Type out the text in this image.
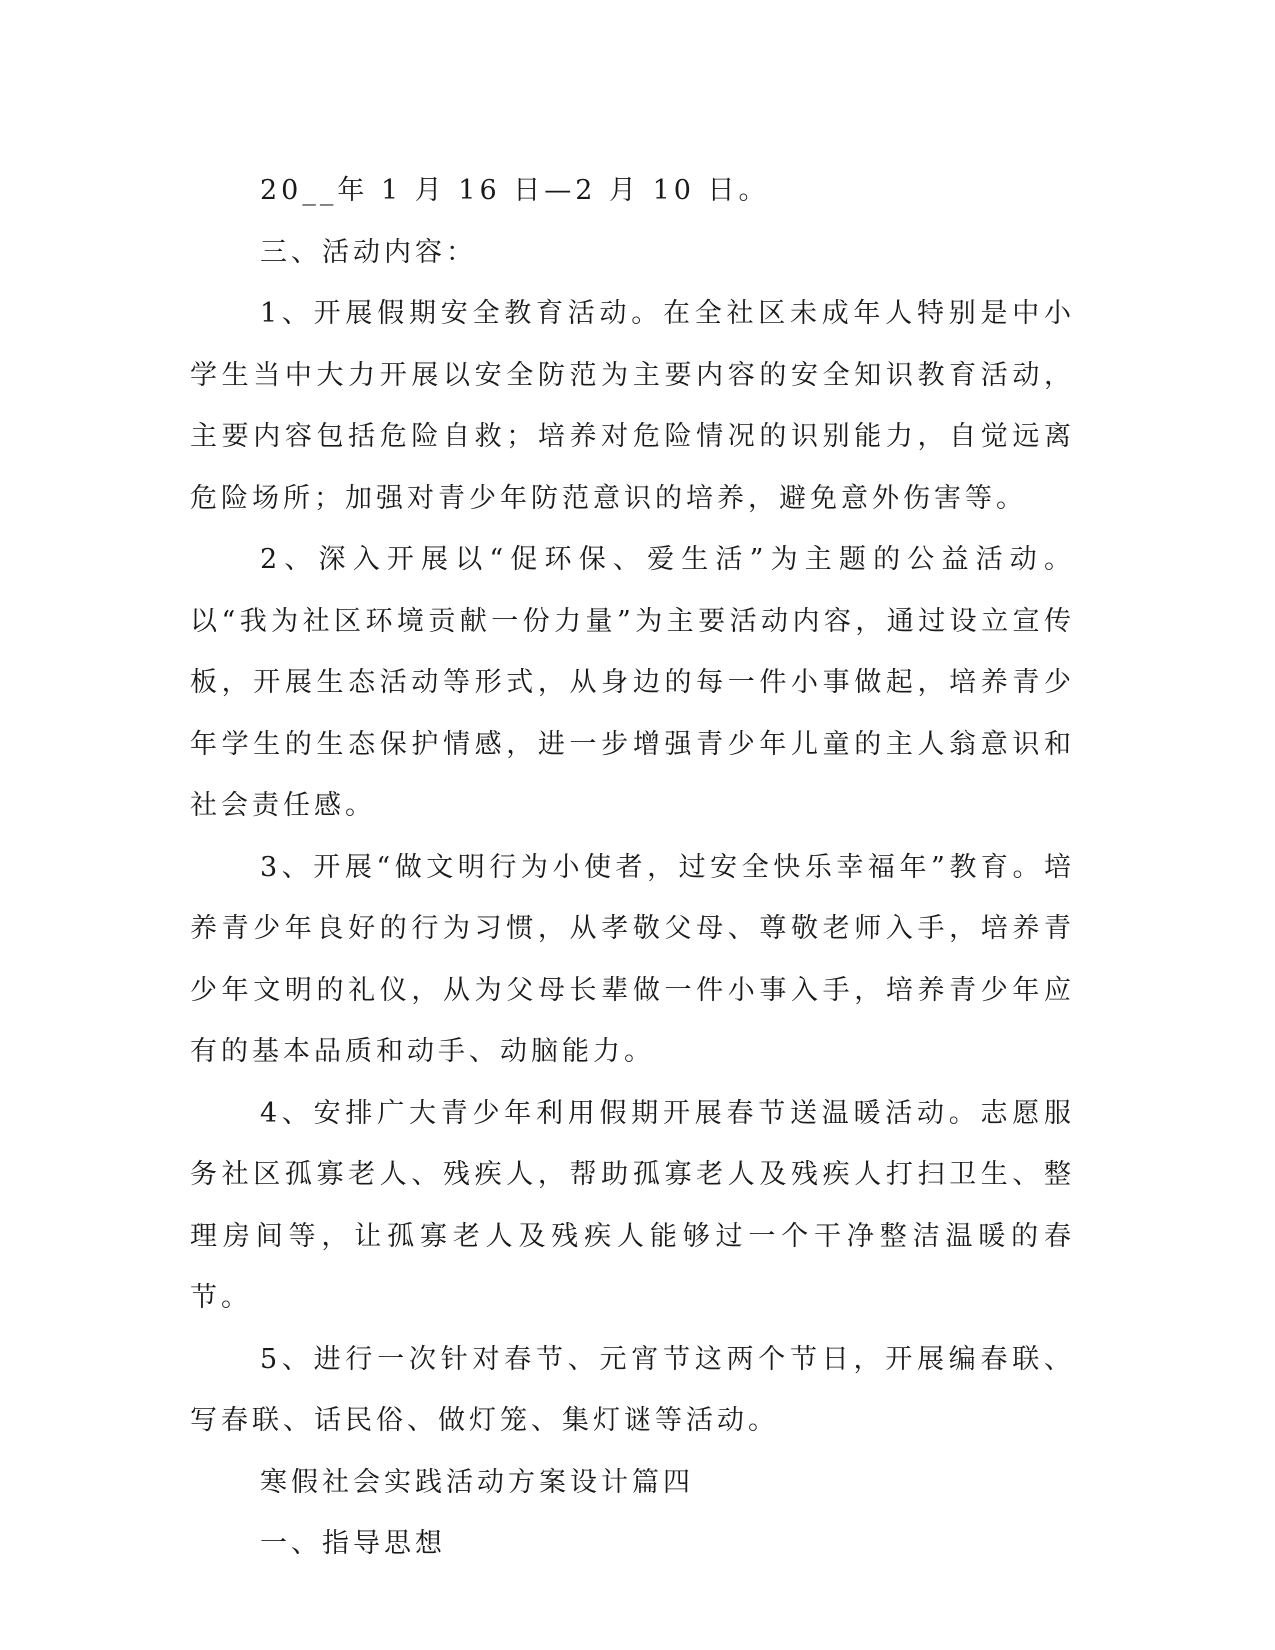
20__年 1 月 16 日—2 月 10 日。

三、活动内容：

1、开展假期安全教育活动。在全社区未成年人特别是中小学生当中大力开展以安全防范为主要内容的安全知识教育活动，主要内容包括危险自救；培养对危险情况的识别能力，自觉远离危险场所；加强对青少年防范意识的培养，避免意外伤害等。

2、深入开展以“促环保、爱生活”为主题的公益活动。以“我为社区环境贡献一份力量”为主要活动内容，通过设立宣传板，开展生态活动等形式，从身边的每一件小事做起，培养青少年学生的生态保护情感，进一步增强青少年儿童的主人翁意识和社会责任感。

3、开展“做文明行为小使者，过安全快乐幸福年”教育。培养青少年良好的行为习惯，从孝敬父母、尊敬老师入手，培养青少年文明的礼仪，从为父母长辈做一件小事入手，培养青少年应有的基本品质和动手、动脑能力。

4、安排广大青少年利用假期开展春节送温暖活动。志愿服务社区孤寡老人、残疾人，帮助孤寡老人及残疾人打扫卫生、整理房间等，让孤寡老人及残疾人能够过一个干净整洁温暖的春节。

5、进行一次针对春节、元宵节这两个节日，开展编春联、写春联、话民俗、做灯笼、集灯谜等活动。

寒假社会实践活动方案设计篇四

一、指导思想
